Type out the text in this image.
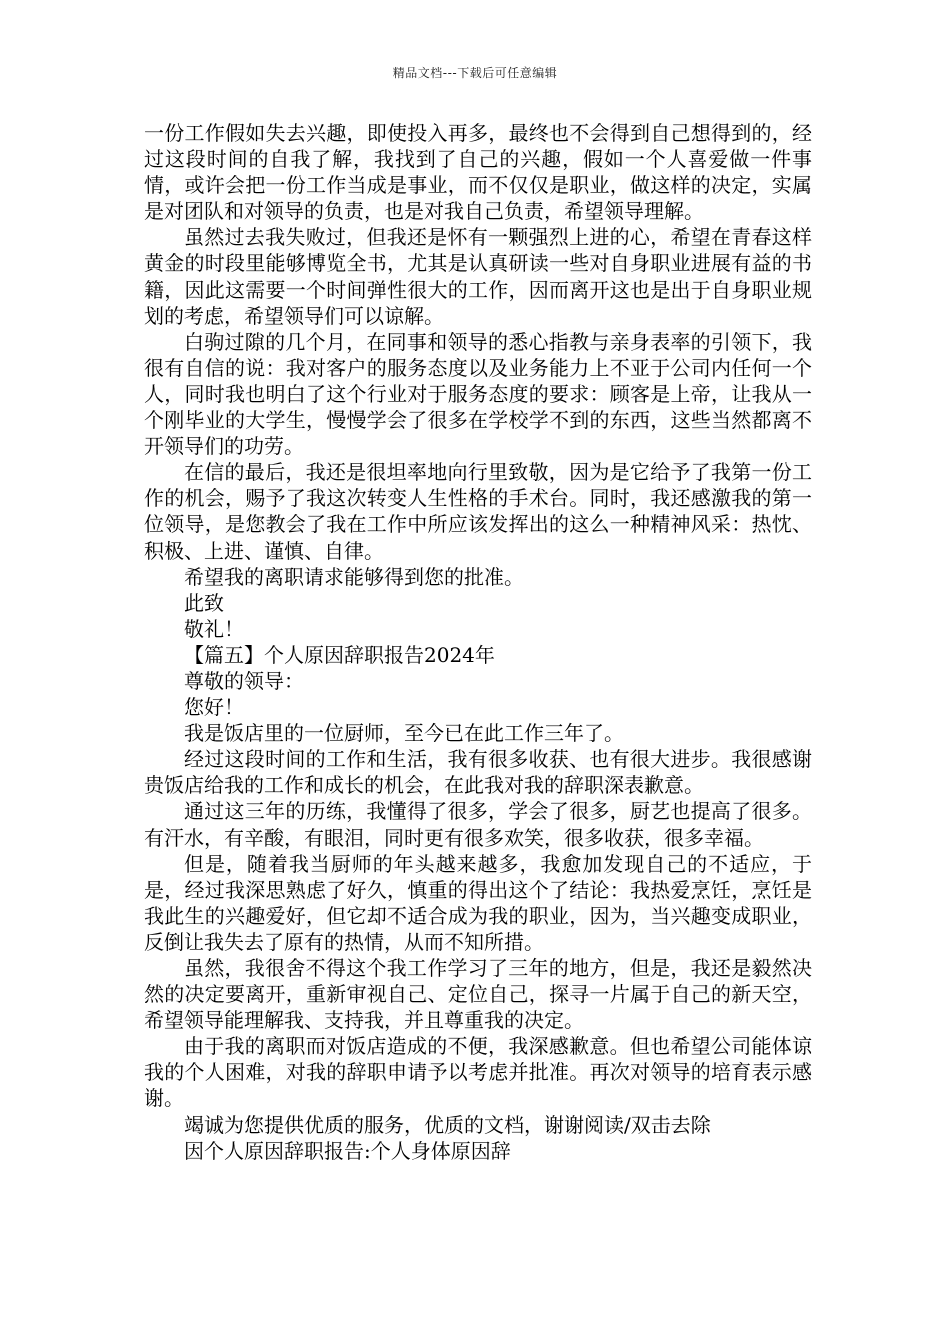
精品文档---下载后可任意编辑

一份工作假如失去兴趣，即使投入再多，最终也不会得到自己想得到的，经过这段时间的自我了解，我找到了自己的兴趣，假如一个人喜爱做一件事情，或许会把一份工作当成是事业，而不仅仅是职业，做这样的决定，实属是对团队和对领导的负责，也是对我自己负责，希望领导理解。

虽然过去我失败过，但我还是怀有一颗强烈上进的心，希望在青春这样黄金的时段里能够博览全书，尤其是认真研读一些对自身职业进展有益的书籍，因此这需要一个时间弹性很大的工作，因而离开这也是出于自身职业规划的考虑，希望领导们可以谅解。

白驹过隙的几个月，在同事和领导的悉心指教与亲身表率的引领下，我很有自信的说：我对客户的服务态度以及业务能力上不亚于公司内任何一个人，同时我也明白了这个行业对于服务态度的要求：顾客是上帝，让我从一个刚毕业的大学生，慢慢学会了很多在学校学不到的东西，这些当然都离不开领导们的功劳。

在信的最后，我还是很坦率地向行里致敬，因为是它给予了我第一份工作的机会，赐予了我这次转变人生性格的手术台。同时，我还感激我的第一位领导，是您教会了我在工作中所应该发挥出的这么一种精神风采：热忱、积极、上进、谨慎、自律。

希望我的离职请求能够得到您的批准。

此致

敬礼！

【篇五】个人原因辞职报告2024年

尊敬的领导：

您好！

我是饭店里的一位厨师，至今已在此工作三年了。

经过这段时间的工作和生活，我有很多收获、也有很大进步。我很感谢贵饭店给我的工作和成长的机会，在此我对我的辞职深表歉意。

通过这三年的历练，我懂得了很多，学会了很多，厨艺也提高了很多。有汗水，有辛酸，有眼泪，同时更有很多欢笑，很多收获，很多幸福。

但是，随着我当厨师的年头越来越多，我愈加发现自己的不适应，于是，经过我深思熟虑了好久，慎重的得出这个了结论：我热爱烹饪，烹饪是我此生的兴趣爱好，但它却不适合成为我的职业，因为，当兴趣变成职业，反倒让我失去了原有的热情，从而不知所措。

虽然，我很舍不得这个我工作学习了三年的地方，但是，我还是毅然决然的决定要离开，重新审视自己、定位自己，探寻一片属于自己的新天空，希望领导能理解我、支持我，并且尊重我的决定。

由于我的离职而对饭店造成的不便，我深感歉意。但也希望公司能体谅我的个人困难，对我的辞职申请予以考虑并批准。再次对领导的培育表示感谢。

竭诚为您提供优质的服务，优质的文档，谢谢阅读/双击去除

因个人原因辞职报告:个人身体原因辞
